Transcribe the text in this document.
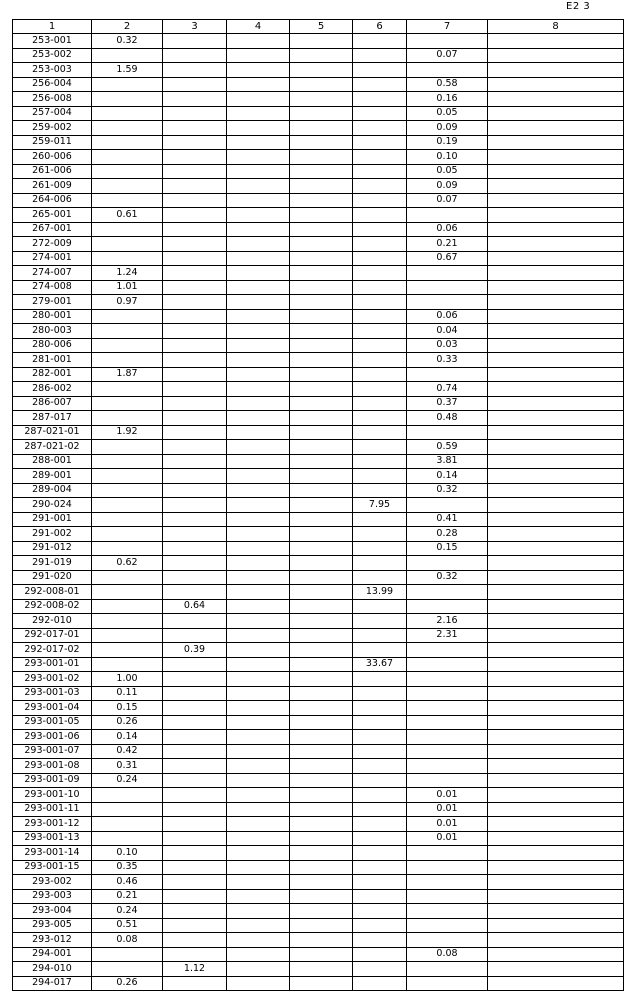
E2 3
1	2	3	4	5	6	7	8
253-001	0.32						
253-002						0.07	
253-003	1.59						
256-004						0.58	
256-008						0.16	
257-004						0.05	
259-002						0.09	
259-011						0.19	
260-006						0.10	
261-006						0.05	
261-009						0.09	
264-006						0.07	
265-001	0.61						
267-001						0.06	
272-009						0.21	
274-001						0.67	
274-007	1.24						
274-008	1.01						
279-001	0.97						
280-001						0.06	
280-003						0.04	
280-006						0.03	
281-001						0.33	
282-001	1.87						
286-002						0.74	
286-007						0.37	
287-017						0.48	
287-021-01	1.92						
287-021-02						0.59	
288-001						3.81	
289-001						0.14	
289-004						0.32	
290-024					7.95		
291-001						0.41	
291-002						0.28	
291-012						0.15	
291-019	0.62						
291-020						0.32	
292-008-01					13.99		
292-008-02		0.64					
292-010						2.16	
292-017-01						2.31	
292-017-02		0.39					
293-001-01					33.67		
293-001-02	1.00						
293-001-03	0.11						
293-001-04	0.15						
293-001-05	0.26						
293-001-06	0.14						
293-001-07	0.42						
293-001-08	0.31						
293-001-09	0.24						
293-001-10						0.01	
293-001-11						0.01	
293-001-12						0.01	
293-001-13						0.01	
293-001-14	0.10						
293-001-15	0.35						
293-002	0.46						
293-003	0.21						
293-004	0.24						
293-005	0.51						
293-012	0.08						
294-001						0.08	
294-010		1.12					
294-017	0.26						
